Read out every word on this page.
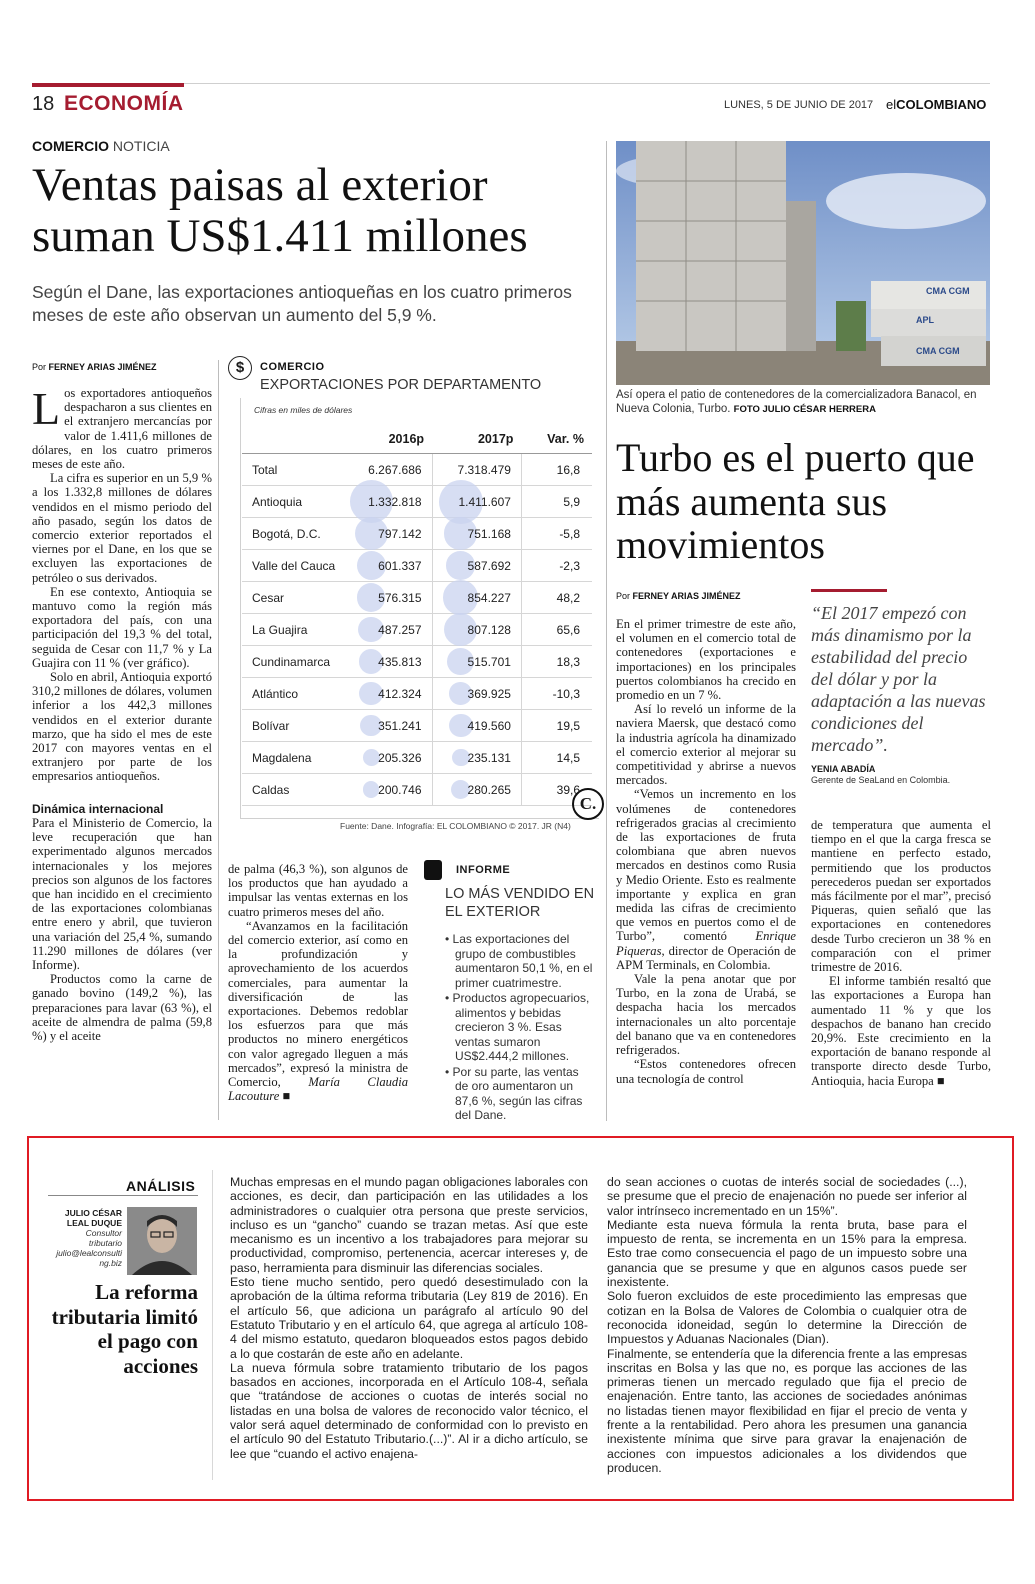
18 ECONOMÍA	LUNES, 5 DE JUNIO DE 2017 elCOLOMBIANO
COMERCIO NOTICIA
Ventas paisas al exterior suman US$1.411 millones
Según el Dane, las exportaciones antioqueñas en los cuatro primeros meses de este año observan un aumento del 5,9 %.
Por FERNEY ARIAS JIMÉNEZ

Los exportadores antioqueños despacharon a sus clientes en el extranjero mercancías por valor de 1.411,6 millones de dólares, en los cuatro primeros meses de este año.

La cifra es superior en un 5,9 % a los 1.332,8 millones de dólares vendidos en el mismo periodo del año pasado, según los datos de comercio exterior reportados el viernes por el Dane, en los que se excluyen las exportaciones de petróleo o sus derivados.

En ese contexto, Antioquia se mantuvo como la región más exportadora del país, con una participación del 19,3 % del total, seguida de Cesar con 11,7 % y La Guajira con 11 % (ver gráfico).

Solo en abril, Antioquia exportó 310,2 millones de dólares, volumen inferior a los 442,3 millones vendidos en el exterior durante marzo, que ha sido el mes de este 2017 con mayores ventas en el extranjero por parte de los empresarios antioqueños.

Dinámica internacional

Para el Ministerio de Comercio, la leve recuperación que han experimentado algunos mercados internacionales y los mejores precios son algunos de los factores que han incidido en el crecimiento de las exportaciones colombianas entre enero y abril, que tuvieron una variación del 25,4 %, sumando 11.290 millones de dólares (ver Informe).

Productos como la carne de ganado bovino (149,2 %), las preparaciones para lavar (63 %), el aceite de almendra de palma (59,8 %) y el aceite

de palma (46,3 %), son algunos de los productos que han ayudado a impulsar las ventas externas en los cuatro primeros meses del año.

“Avanzamos en la facilitación del comercio exterior, así como en la profundización y aprovechamiento de los acuerdos comerciales, para aumentar la diversificación de las exportaciones. Debemos redoblar los esfuerzos para que más productos no minero energéticos con valor agregado lleguen a más mercados”, expresó la ministra de Comercio, María Claudia Lacouture ■

$	COMERCIO
EXPORTACIONES POR DEPARTAMENTO
Cifras en miles de dólares
	2016p	2017p	Var. %
Total	6.267.686	7.318.479	16,8
Antioquia	1.332.818	1.411.607	5,9
Bogotá, D.C.	797.142	751.168	-5,8
Valle del Cauca	601.337	587.692	-2,3
Cesar	576.315	854.227	48,2
La Guajira	487.257	807.128	65,6
Cundinamarca	435.813	515.701	18,3
Atlántico	412.324	369.925	-10,3
Bolívar	351.241	419.560	19,5
Magdalena	205.326	235.131	14,5
Caldas	200.746	280.265	39,6
Fuente: Dane. Infografía: EL COLOMBIANO © 2017. JR (N4)
C.
INFORME
LO MÁS VENDIDO EN EL EXTERIOR
• Las exportaciones del grupo de combustibles aumentaron 50,1 %, en el primer cuatrimestre.
• Productos agropecuarios, alimentos y bebidas crecieron 3 %. Esas ventas sumaron US$2.444,2 millones.
• Por su parte, las ventas de oro aumentaron un 87,6 %, según las cifras del Dane.
CMA CGM
APL
CMA CGM
Así opera el patio de contenedores de la comercializadora Banacol, en Nueva Colonia, Turbo. FOTO JULIO CÉSAR HERRERA
Turbo es el puerto que más aumenta sus movimientos
Por FERNEY ARIAS JIMÉNEZ

En el primer trimestre de este año, el volumen en el comercio total de contenedores (exportaciones e importaciones) en los principales puertos colombianos ha crecido en promedio en un 7 %.

Así lo reveló un informe de la naviera Maersk, que destacó como la industria agrícola ha dinamizado el comercio exterior al mejorar su competitividad y abrirse a nuevos mercados.

“Vemos un incremento en los volúmenes de contenedores refrigerados gracias al crecimiento de las exportaciones de fruta colombiana que abren nuevos mercados en destinos como Rusia y Medio Oriente. Esto es realmente importante y explica en gran medida las cifras de crecimiento que vemos en puertos como el de Turbo”, comentó Enrique Piqueras, director de Operación de APM Terminals, en Colombia.

Vale la pena anotar que por Turbo, en la zona de Urabá, se despacha hacia los mercados internacionales un alto porcentaje del banano que va en contenedores refrigerados.

“Estos contenedores ofrecen una tecnología de control

“El 2017 empezó con más dinamismo por la estabilidad del precio del dólar y por la adaptación a las nuevas condiciones del mercado”.
YENIA ABADÍA
Gerente de SeaLand en Colombia.

de temperatura que aumenta el tiempo en el que la carga fresca se mantiene en perfecto estado, permitiendo que los productos perecederos puedan ser exportados más fácilmente por el mar”, precisó Piqueras, quien señaló que las exportaciones en contenedores desde Turbo crecieron un 38 % en comparación con el primer trimestre de 2016.

El informe también resaltó que las exportaciones a Europa han aumentado 11 % y que los despachos de banano han crecido 20,9%. Este crecimiento en la exportación de banano responde al transporte directo desde Turbo, Antioquia, hacia Europa ■

ANÁLISIS
JULIO CÉSAR LEAL DUQUE
Consultor tributario
julio@lealconsulting.biz
La reforma tributaria limitó el pago con acciones

Muchas empresas en el mundo pagan obligaciones laborales con acciones, es decir, dan participación en las utilidades a los administradores o cualquier otra persona que preste servicios, incluso es un “gancho” cuando se trazan metas. Así que este mecanismo es un incentivo a los trabajadores para mejorar su productividad, compromiso, pertenencia, acercar intereses y, de paso, herramienta para disminuir las diferencias sociales.

Esto tiene mucho sentido, pero quedó desestimulado con la aprobación de la última reforma tributaria (Ley 819 de 2016). En el artículo 56, que adiciona un parágrafo al artículo 90 del Estatuto Tributario y en el artículo 64, que agrega al artículo 108-4 del mismo estatuto, quedaron bloqueados estos pagos debido a lo que costarán de este año en adelante.

La nueva fórmula sobre tratamiento tributario de los pagos basados en acciones, incorporada en el Artículo 108-4, señala que “tratándose de acciones o cuotas de interés social no listadas en una bolsa de valores de reconocido valor técnico, el valor será aquel determinado de conformidad con lo previsto en el artículo 90 del Estatuto Tributario.(...)”. Al ir a dicho artículo, se lee que “cuando el activo enajena-

do sean acciones o cuotas de interés social de sociedades (...), se presume que el precio de enajenación no puede ser inferior al valor intrínseco incrementado en un 15%”.

Mediante esta nueva fórmula la renta bruta, base para el impuesto de renta, se incrementa en un 15% para la empresa. Esto trae como consecuencia el pago de un impuesto sobre una ganancia que se presume y que en algunos casos puede ser inexistente.

Solo fueron excluidos de este procedimiento las empresas que cotizan en la Bolsa de Valores de Colombia o cualquier otra de reconocida idoneidad, según lo determine la Dirección de Impuestos y Aduanas Nacionales (Dian).

Finalmente, se entendería que la diferencia frente a las empresas inscritas en Bolsa y las que no, es porque las acciones de las primeras tienen un mercado regulado que fija el precio de enajenación. Entre tanto, las acciones de sociedades anónimas no listadas tienen mayor flexibilidad en fijar el precio de venta y frente a la rentabilidad. Pero ahora les presumen una ganancia inexistente mínima que sirve para gravar la enajenación de acciones con impuestos adicionales a los dividendos que producen.
